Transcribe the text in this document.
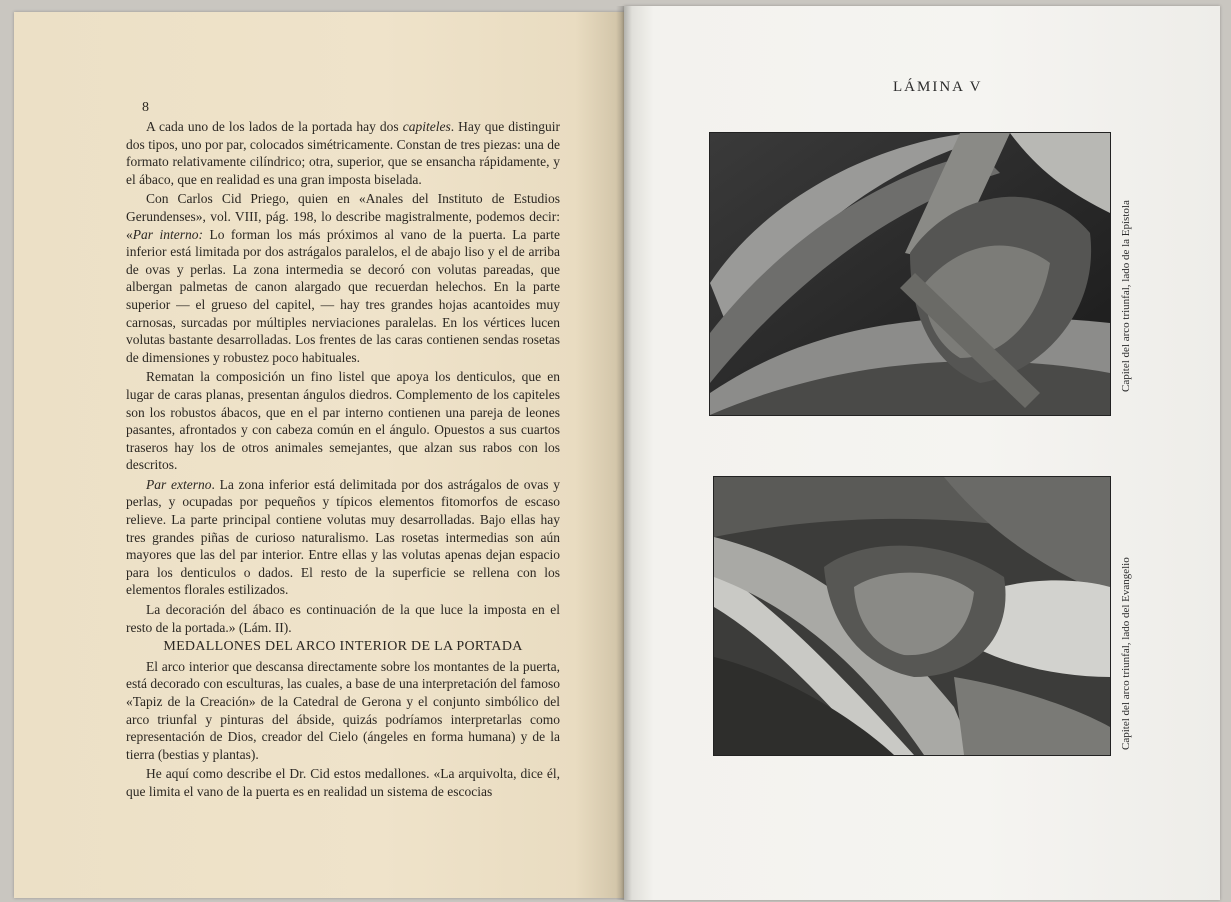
8

A cada uno de los lados de la portada hay dos capiteles. Hay que distinguir dos tipos, uno por par, colocados simétricamente. Constan de tres piezas: una de formato relativamente cilíndrico; otra, superior, que se ensancha rápidamente, y el ábaco, que en realidad es una gran imposta biselada.

Con Carlos Cid Priego, quien en «Anales del Instituto de Estudios Gerundenses», vol. VIII, pág. 198, lo describe magistralmente, podemos decir: «Par interno: Lo forman los más próximos al vano de la puerta. La parte inferior está limitada por dos astrágalos paralelos, el de abajo liso y el de arriba de ovas y perlas. La zona intermedia se decoró con volutas pareadas, que albergan palmetas de canon alargado que recuerdan helechos. En la parte superior — el grueso del capitel, — hay tres grandes hojas acantoides muy carnosas, surcadas por múltiples nerviaciones paralelas. En los vértices lucen volutas bastante desarrolladas. Los frentes de las caras contienen sendas rosetas de dimensiones y robustez poco habituales.

Rematan la composición un fino listel que apoya los denticulos, que en lugar de caras planas, presentan ángulos diedros. Complemento de los capiteles son los robustos ábacos, que en el par interno contienen una pareja de leones pasantes, afrontados y con cabeza común en el ángulo. Opuestos a sus cuartos traseros hay los de otros animales semejantes, que alzan sus rabos con los descritos.

Par externo. La zona inferior está delimitada por dos astrágalos de ovas y perlas, y ocupadas por pequeños y típicos elementos fitomorfos de escaso relieve. La parte principal contiene volutas muy desarrolladas. Bajo ellas hay tres grandes piñas de curioso naturalismo. Las rosetas intermedias son aún mayores que las del par interior. Entre ellas y las volutas apenas dejan espacio para los denticulos o dados. El resto de la superficie se rellena con los elementos florales estilizados.

La decoración del ábaco es continuación de la que luce la imposta en el resto de la portada.» (Lám. II).

MEDALLONES DEL ARCO INTERIOR DE LA PORTADA

El arco interior que descansa directamente sobre los montantes de la puerta, está decorado con esculturas, las cuales, a base de una interpretación del famoso «Tapiz de la Creación» de la Catedral de Gerona y el conjunto simbólico del arco triunfal y pinturas del ábside, quizás podríamos interpretarlas como representación de Dios, creador del Cielo (ángeles en forma humana) y de la tierra (bestias y plantas).

He aquí como describe el Dr. Cid estos medallones. «La arquivolta, dice él, que limita el vano de la puerta es en realidad un sistema de escocias

LÁMINA V
Capitel del arco triunfal, lado de la Epístola
Capitel del arco triunfal, lado del Evangelio
